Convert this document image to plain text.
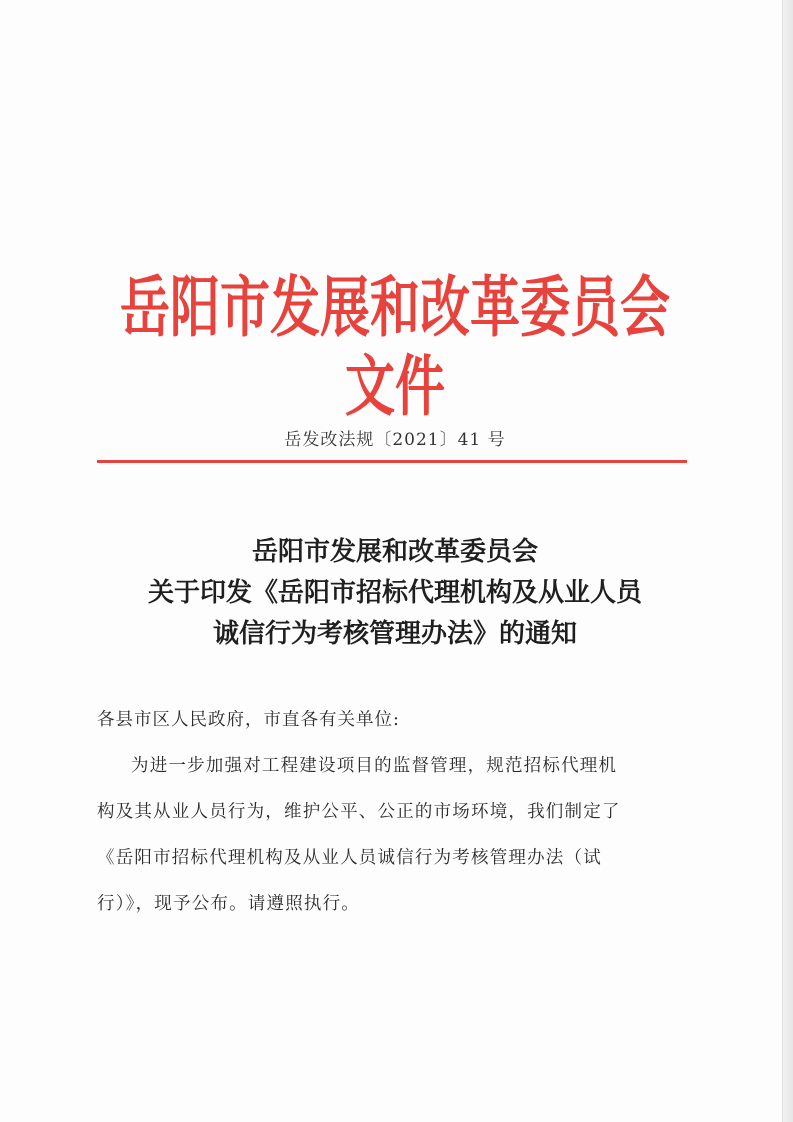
岳阳市发展和改革委员会文件
岳发改法规〔2021〕41 号
岳阳市发展和改革委员会
关于印发《岳阳市招标代理机构及从业人员
诚信行为考核管理办法》的通知
各县市区人民政府，市直各有关单位:
为进一步加强对工程建设项目的监督管理，规范招标代理机
构及其从业人员行为，维护公平、公正的市场环境，我们制定了
《岳阳市招标代理机构及从业人员诚信行为考核管理办法（试
行）》，现予公布。请遵照执行。
